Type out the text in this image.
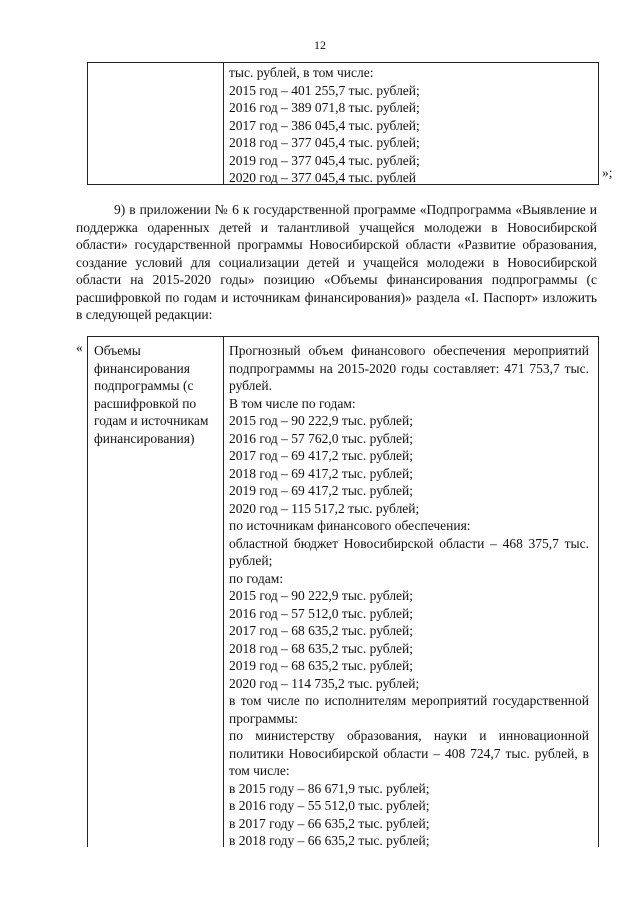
12
тыс. рублей, в том числе:
2015 год – 401 255,7 тыс. рублей;
2016 год – 389 071,8 тыс. рублей;
2017 год – 386 045,4 тыс. рублей;
2018 год – 377 045,4 тыс. рублей;
2019 год – 377 045,4 тыс. рублей;
2020 год – 377 045,4 тыс. рублей	»;

9) в приложении № 6 к государственной программе «Подпрограмма «Выявление и поддержка одаренных детей и талантливой учащейся молодежи в Новосибирской области» государственной программы Новосибирской области «Развитие образования, создание условий для социализации детей и учащейся молодежи в Новосибирской области на 2015-2020 годы» позицию «Объемы финансирования подпрограммы (с расшифровкой по годам и источникам финансирования)» раздела «I. Паспорт» изложить в следующей редакции:

« Объемы финансирования подпрограммы (с расшифровкой по годам и источникам финансирования)
Прогнозный объем финансового обеспечения мероприятий подпрограммы на 2015-2020 годы составляет: 471 753,7 тыс. рублей.
В том числе по годам:
2015 год – 90 222,9 тыс. рублей;
2016 год – 57 762,0 тыс. рублей;
2017 год – 69 417,2 тыс. рублей;
2018 год – 69 417,2 тыс. рублей;
2019 год – 69 417,2 тыс. рублей;
2020 год – 115 517,2 тыс. рублей;
по источникам финансового обеспечения:
областной бюджет Новосибирской области – 468 375,7 тыс. рублей;
по годам:
2015 год – 90 222,9 тыс. рублей;
2016 год – 57 512,0 тыс. рублей;
2017 год – 68 635,2 тыс. рублей;
2018 год – 68 635,2 тыс. рублей;
2019 год – 68 635,2 тыс. рублей;
2020 год – 114 735,2 тыс. рублей;
в том числе по исполнителям мероприятий государственной программы:
по министерству образования, науки и инновационной политики Новосибирской области – 408 724,7 тыс. рублей, в том числе:
в 2015 году – 86 671,9 тыс. рублей;
в 2016 году – 55 512,0 тыс. рублей;
в 2017 году – 66 635,2 тыс. рублей;
в 2018 году – 66 635,2 тыс. рублей;
